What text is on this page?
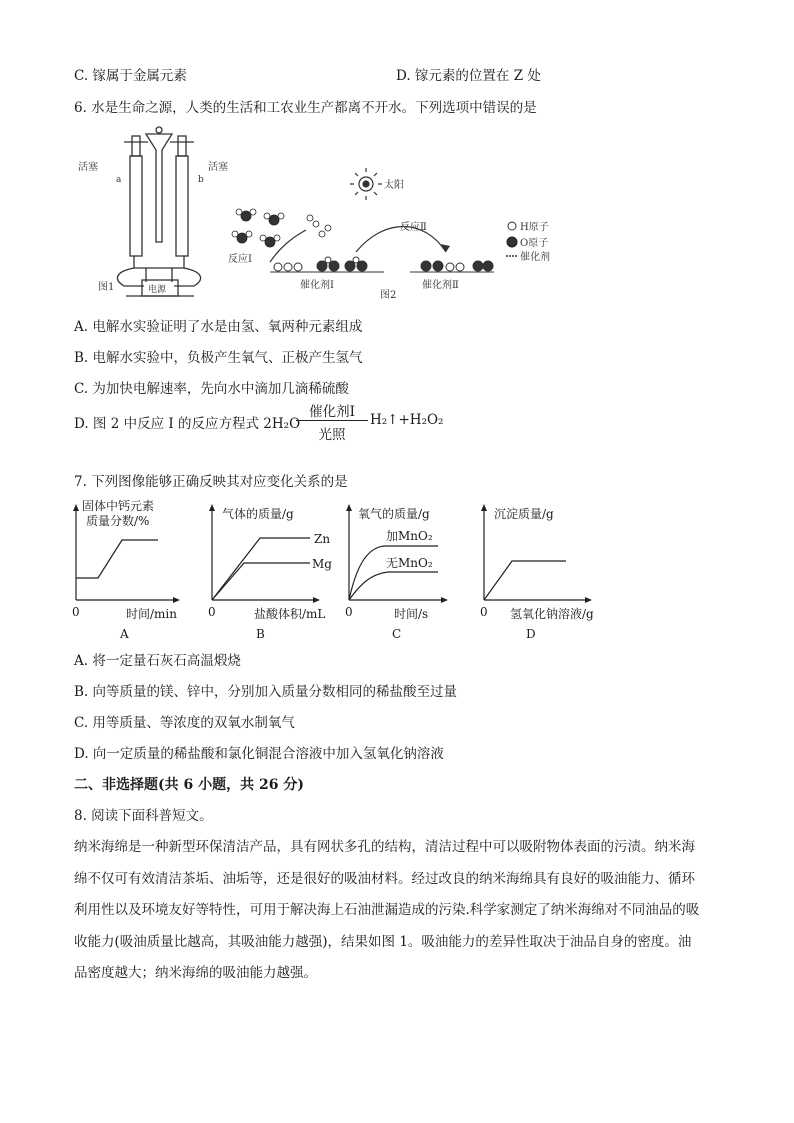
C. 镓属于金属元素	D. 镓元素的位置在 Z 处
6. 水是生命之源，人类的生活和工农业生产都离不开水。下列选项中错误的是
活塞
a
活塞
b
电源
图1
太阳
反应Ⅰ
催化剂Ⅰ
反应Ⅱ
图2
催化剂Ⅱ
H原子
O原子
催化剂
A. 电解水实验证明了水是由氢、氧两种元素组成
B. 电解水实验中，负极产生氧气、正极产生氢气
C. 为加快电解速率，先向水中滴加几滴稀硫酸
D. 图 2 中反应 Ⅰ 的反应方程式 2H₂O
催化剂I
光照
H₂↑+H₂O₂
7. 下列图像能够正确反映其对应变化关系的是
固体中钙元素
质量分数/%
0	时间/min
A
气体的质量/g
Zn
Mg
0	盐酸体积/mL
B
氧气的质量/g
加MnO₂
无MnO₂
0	时间/s
C
沉淀质量/g
0 氢氧化钠溶液/g
D
A. 将一定量石灰石高温煅烧
B. 向等质量的镁、锌中，分别加入质量分数相同的稀盐酸至过量
C. 用等质量、等浓度的双氧水制氧气
D. 向一定质量的稀盐酸和氯化铜混合溶液中加入氢氧化钠溶液
二、非选择题(共 6 小题，共 26 分)
8. 阅读下面科普短文。
纳米海绵是一种新型环保清洁产品，具有网状多孔的结构，清洁过程中可以吸附物体表面的污渍。纳米海
绵不仅可有效清洁茶垢、油垢等，还是很好的吸油材料。经过改良的纳米海绵具有良好的吸油能力、循环
利用性以及环境友好等特性，可用于解决海上石油泄漏造成的污染.科学家测定了纳米海绵对不同油品的吸
收能力(吸油质量比越高，其吸油能力越强)，结果如图 1。吸油能力的差异性取决于油品自身的密度。油
品密度越大；纳米海绵的吸油能力越强。
